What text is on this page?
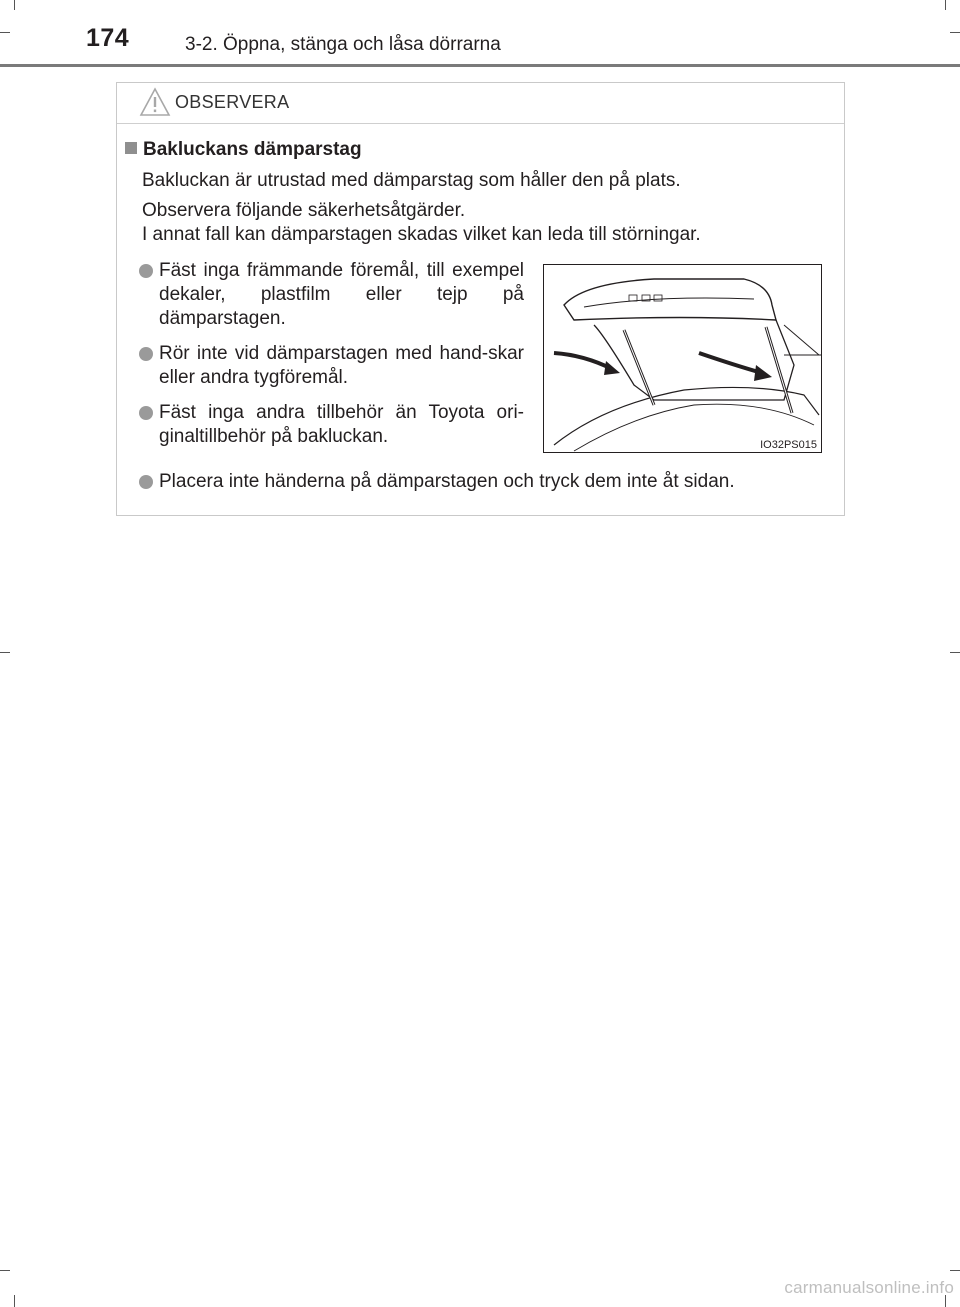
174	3-2. Öppna, stänga och låsa dörrarna
OBSERVERA
Bakluckans dämparstag
Bakluckan är utrustad med dämparstag som håller den på plats.
Observera följande säkerhetsåtgärder.
I annat fall kan dämparstagen skadas vilket kan leda till störningar.
Fäst inga främmande föremål, till exempel dekaler, plastfilm eller tejp på dämparstagen.
Rör inte vid dämparstagen med hand-skar eller andra tygföremål.
Fäst inga andra tillbehör än Toyota ori-ginaltillbehör på bakluckan.	IO32PS015
Placera inte händerna på dämparstagen och tryck dem inte åt sidan.
carmanualsonline.info
